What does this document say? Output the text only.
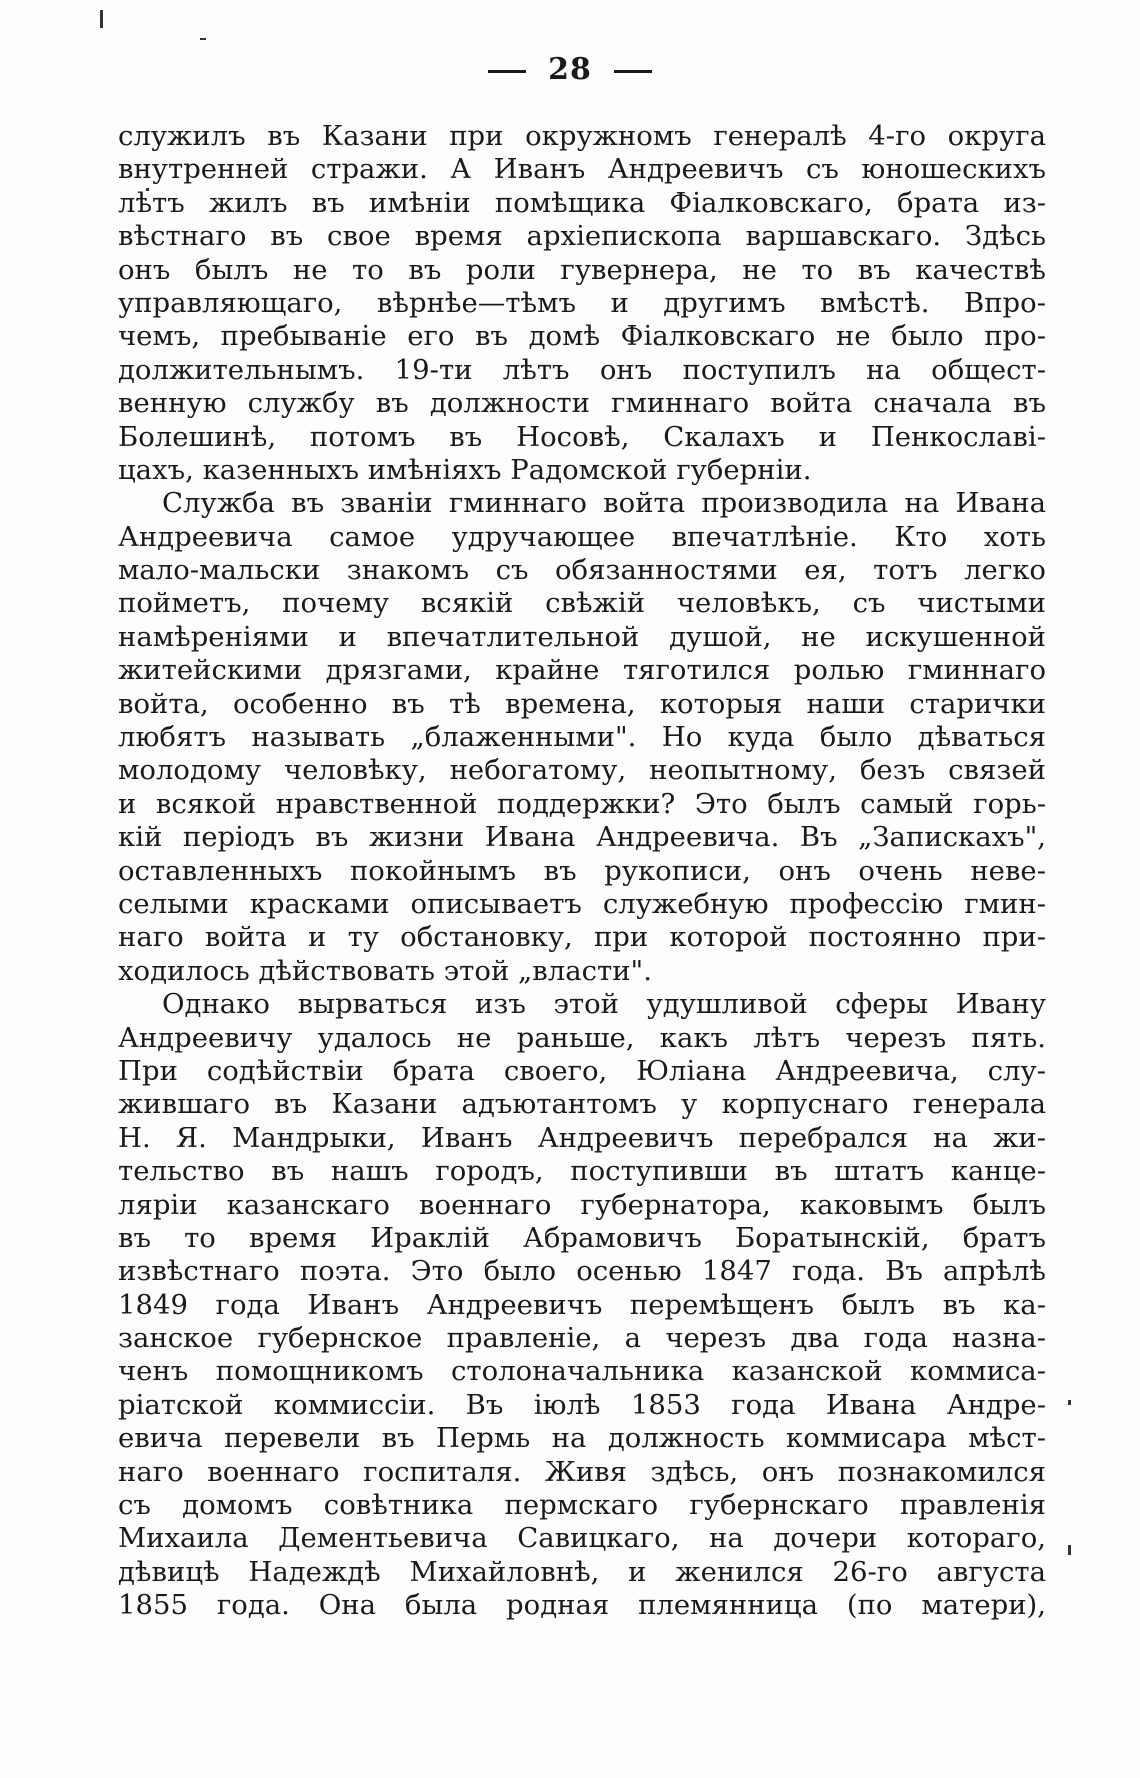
28
служилъ въ Казани при окружномъ генералѣ 4-го округа
внутренней стражи. А Иванъ Андреевичъ съ юношескихъ
лѣтъ жилъ въ имѣніи помѣщика Фіалковскаго, брата из-
вѣстнаго въ свое время архіепископа варшавскаго. Здѣсь
онъ былъ не то въ роли гувернера, не то въ качествѣ
управляющаго, вѣрнѣе—тѣмъ и другимъ вмѣстѣ. Впро-
чемъ, пребываніе его въ домѣ Фіалковскаго не было про-
должительнымъ. 19-ти лѣтъ онъ поступилъ на общест-
венную службу въ должности гминнаго войта сначала въ
Болешинѣ, потомъ въ Носовѣ, Скалахъ и Пенкославі-
цахъ, казенныхъ имѣніяхъ Радомской губерніи.
Служба въ званіи гминнаго войта производила на Ивана
Андреевича самое удручающее впечатлѣніе. Кто хоть
мало-мальски знакомъ съ обязанностями ея, тотъ легко
пойметъ, почему всякій свѣжій человѣкъ, съ чистыми
намѣреніями и впечатлительной душой, не искушенной
житейскими дрязгами, крайне тяготился ролью гминнаго
войта, особенно въ тѣ времена, которыя наши старички
любятъ называть „блаженными". Но куда было дѣваться
молодому человѣку, небогатому, неопытному, безъ связей
и всякой нравственной поддержки? Это былъ самый горь-
кій періодъ въ жизни Ивана Андреевича. Въ „Запискахъ",
оставленныхъ покойнымъ въ рукописи, онъ очень неве-
селыми красками описываетъ служебную профессію гмин-
наго войта и ту обстановку, при которой постоянно при-
ходилось дѣйствовать этой „власти".
Однако вырваться изъ этой удушливой сферы Ивану
Андреевичу удалось не раньше, какъ лѣтъ черезъ пять.
При содѣйствіи брата своего, Юліана Андреевича, слу-
жившаго въ Казани адъютантомъ у корпуснаго генерала
Н. Я. Мандрыки, Иванъ Андреевичъ перебрался на жи-
тельство въ нашъ городъ, поступивши въ штатъ канце-
ляріи казанскаго военнаго губернатора, каковымъ былъ
въ то время Ираклій Абрамовичъ Боратынскій, братъ
извѣстнаго поэта. Это было осенью 1847 года. Въ апрѣлѣ
1849 года Иванъ Андреевичъ перемѣщенъ былъ въ ка-
занское губернское правленіе, а черезъ два года назна-
ченъ помощникомъ столоначальника казанской коммиса-
ріатской коммиссіи. Въ іюлѣ 1853 года Ивана Андре-
евича перевели въ Пермь на должность коммисара мѣст-
наго военнаго госпиталя. Живя здѣсь, онъ познакомился
съ домомъ совѣтника пермскаго губернскаго правленія
Михаила Дементьевича Савицкаго, на дочери котораго,
дѣвицѣ Надеждѣ Михайловнѣ, и женился 26-го августа
1855 года. Она была родная племянница (по матери),
